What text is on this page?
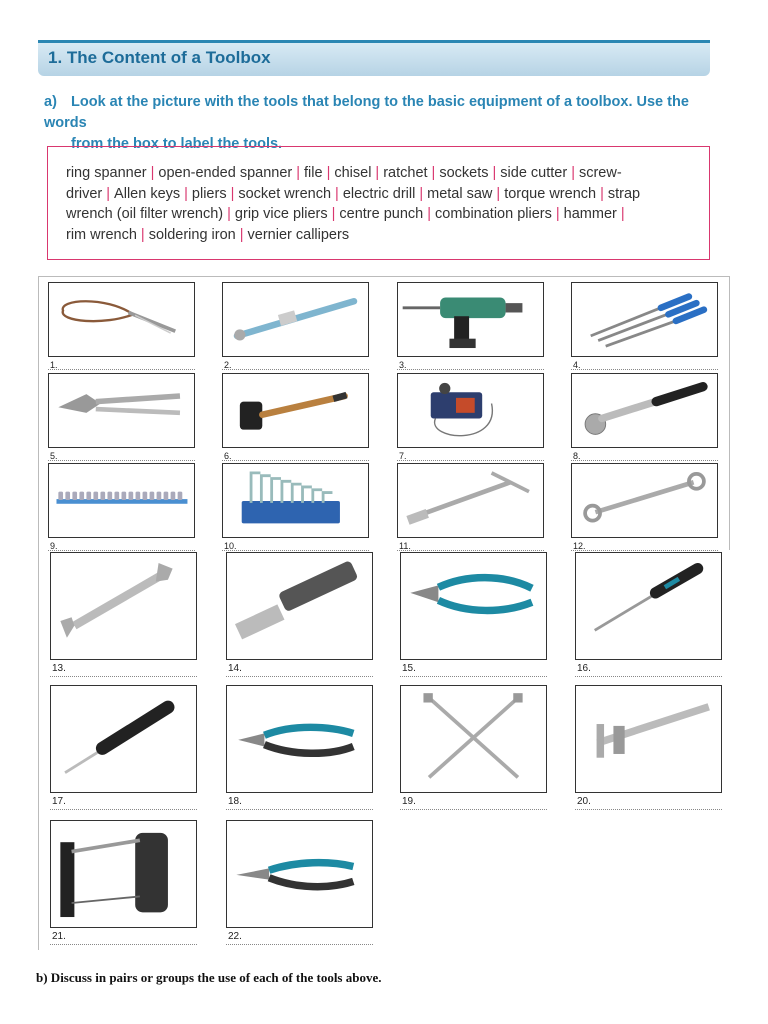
1. The Content of a Toolbox
a) Look at the picture with the tools that belong to the basic equipment of a toolbox. Use the words
from the box to label the tools.
ring spanner | open-ended spanner | file | chisel | ratchet | sockets | side cutter | screw-
driver | Allen keys | pliers | socket wrench | electric drill | metal saw | torque wrench | strap
wrench (oil filter wrench) | grip vice pliers | centre punch | combination pliers | hammer |
rim wrench | soldering iron | vernier callipers
1.	2.	3.	4.
5.	6.	7.	8.
9.	10.	11.	12.
13.	14.	15.	16.
17.	18.	19.	20.
21.	22.
b) Discuss in pairs or groups the use of each of the tools above.
